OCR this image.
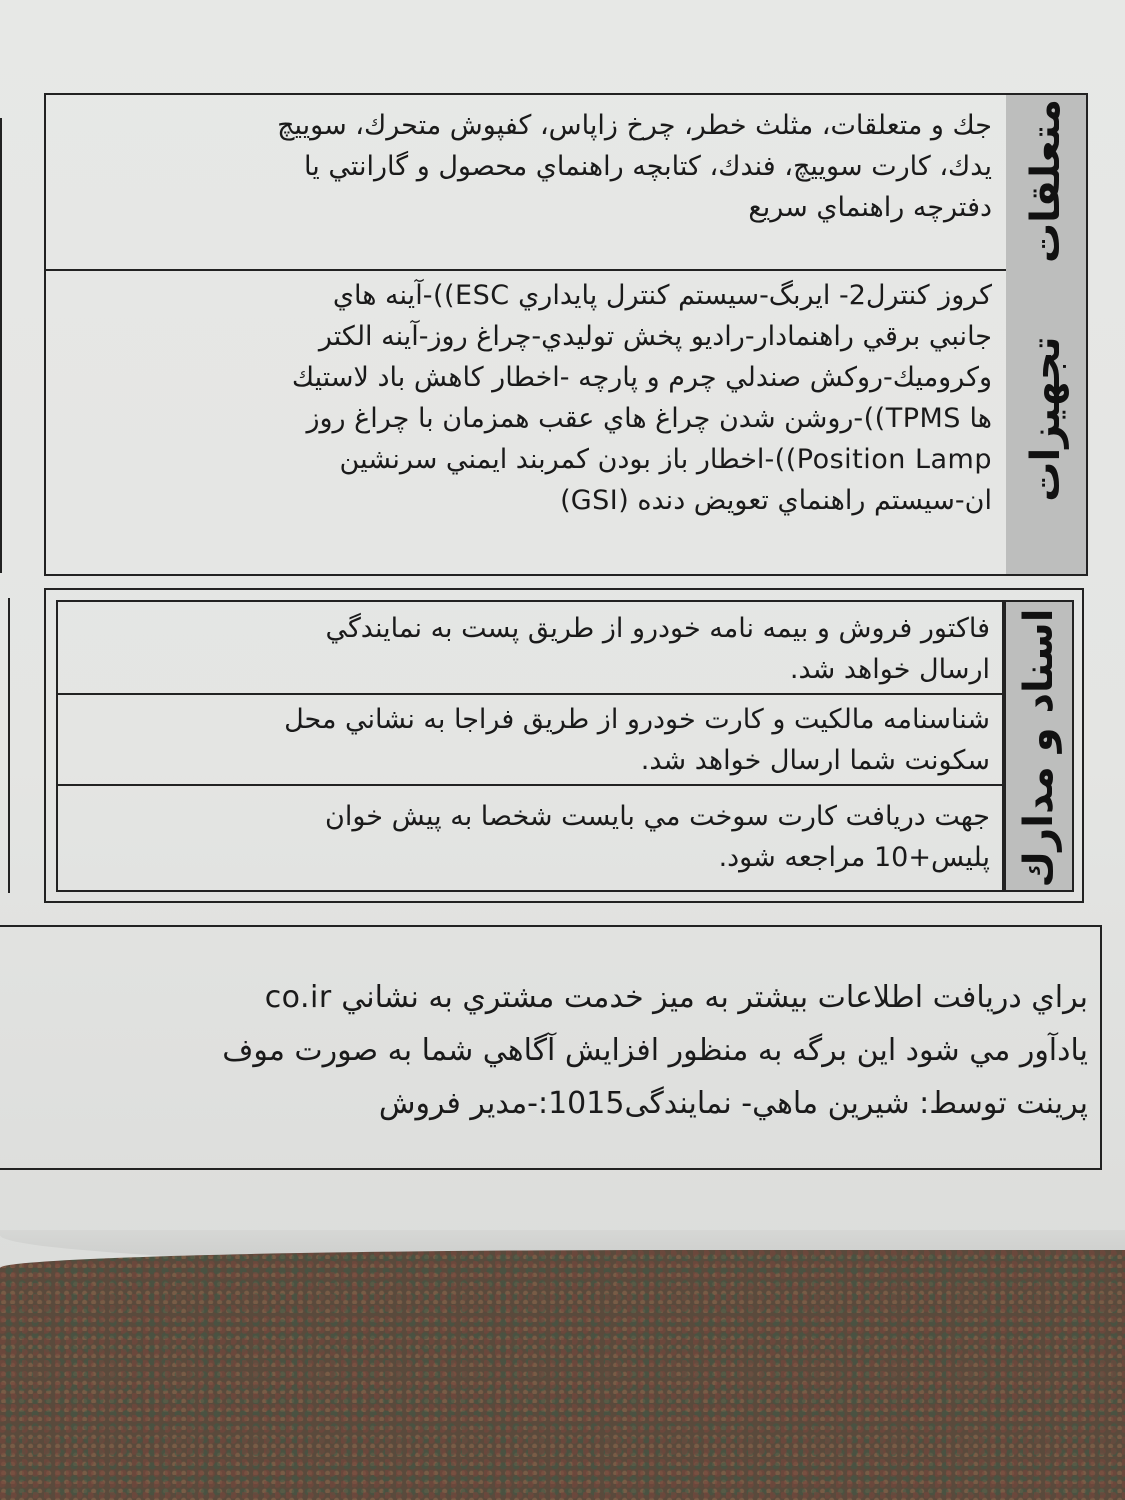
جك و متعلقات، مثلث خطر، چرخ زاپاس، كفپوش متحرك، سوييچ
يدك، كارت سوييچ، فندك، كتابچه راهنماي محصول و گارانتي يا
دفترچه راهنماي سريع متعلقات
كروز كنترل2- ايربگ-سيستم كنترل پايداري ESC))-آينه هاي
جانبي برقي راهنمادار-راديو پخش توليدي-چراغ روز-آينه الكتر
وكروميك-روكش صندلي چرم و پارچه -اخطار كاهش باد لاستيك
ها TPMS))-روشن شدن چراغ هاي عقب همزمان با چراغ روز
Position Lamp))-اخطار باز بودن كمربند ايمني سرنشين
ان-سيستم راهنماي تعويض دنده (GSI) تجهيزات
فاكتور فروش و بيمه نامه خودرو از طريق پست به نمايندگي
ارسال خواهد شد.
شناسنامه مالكيت و كارت خودرو از طريق فراجا به نشاني محل
سكونت شما ارسال خواهد شد.
جهت دريافت كارت سوخت مي بايست شخصا به پيش خوان
پليس+10 مراجعه شود. اسناد و مدارك
براي دريافت اطلاعات بيشتر به ميز خدمت مشتري به نشاني co.ir
يادآور مي شود اين برگه به منظور افزايش آگاهي شما به صورت موف
پرينت توسط: شيرين ماهي- نمايندگی1015:-مدير فروش
